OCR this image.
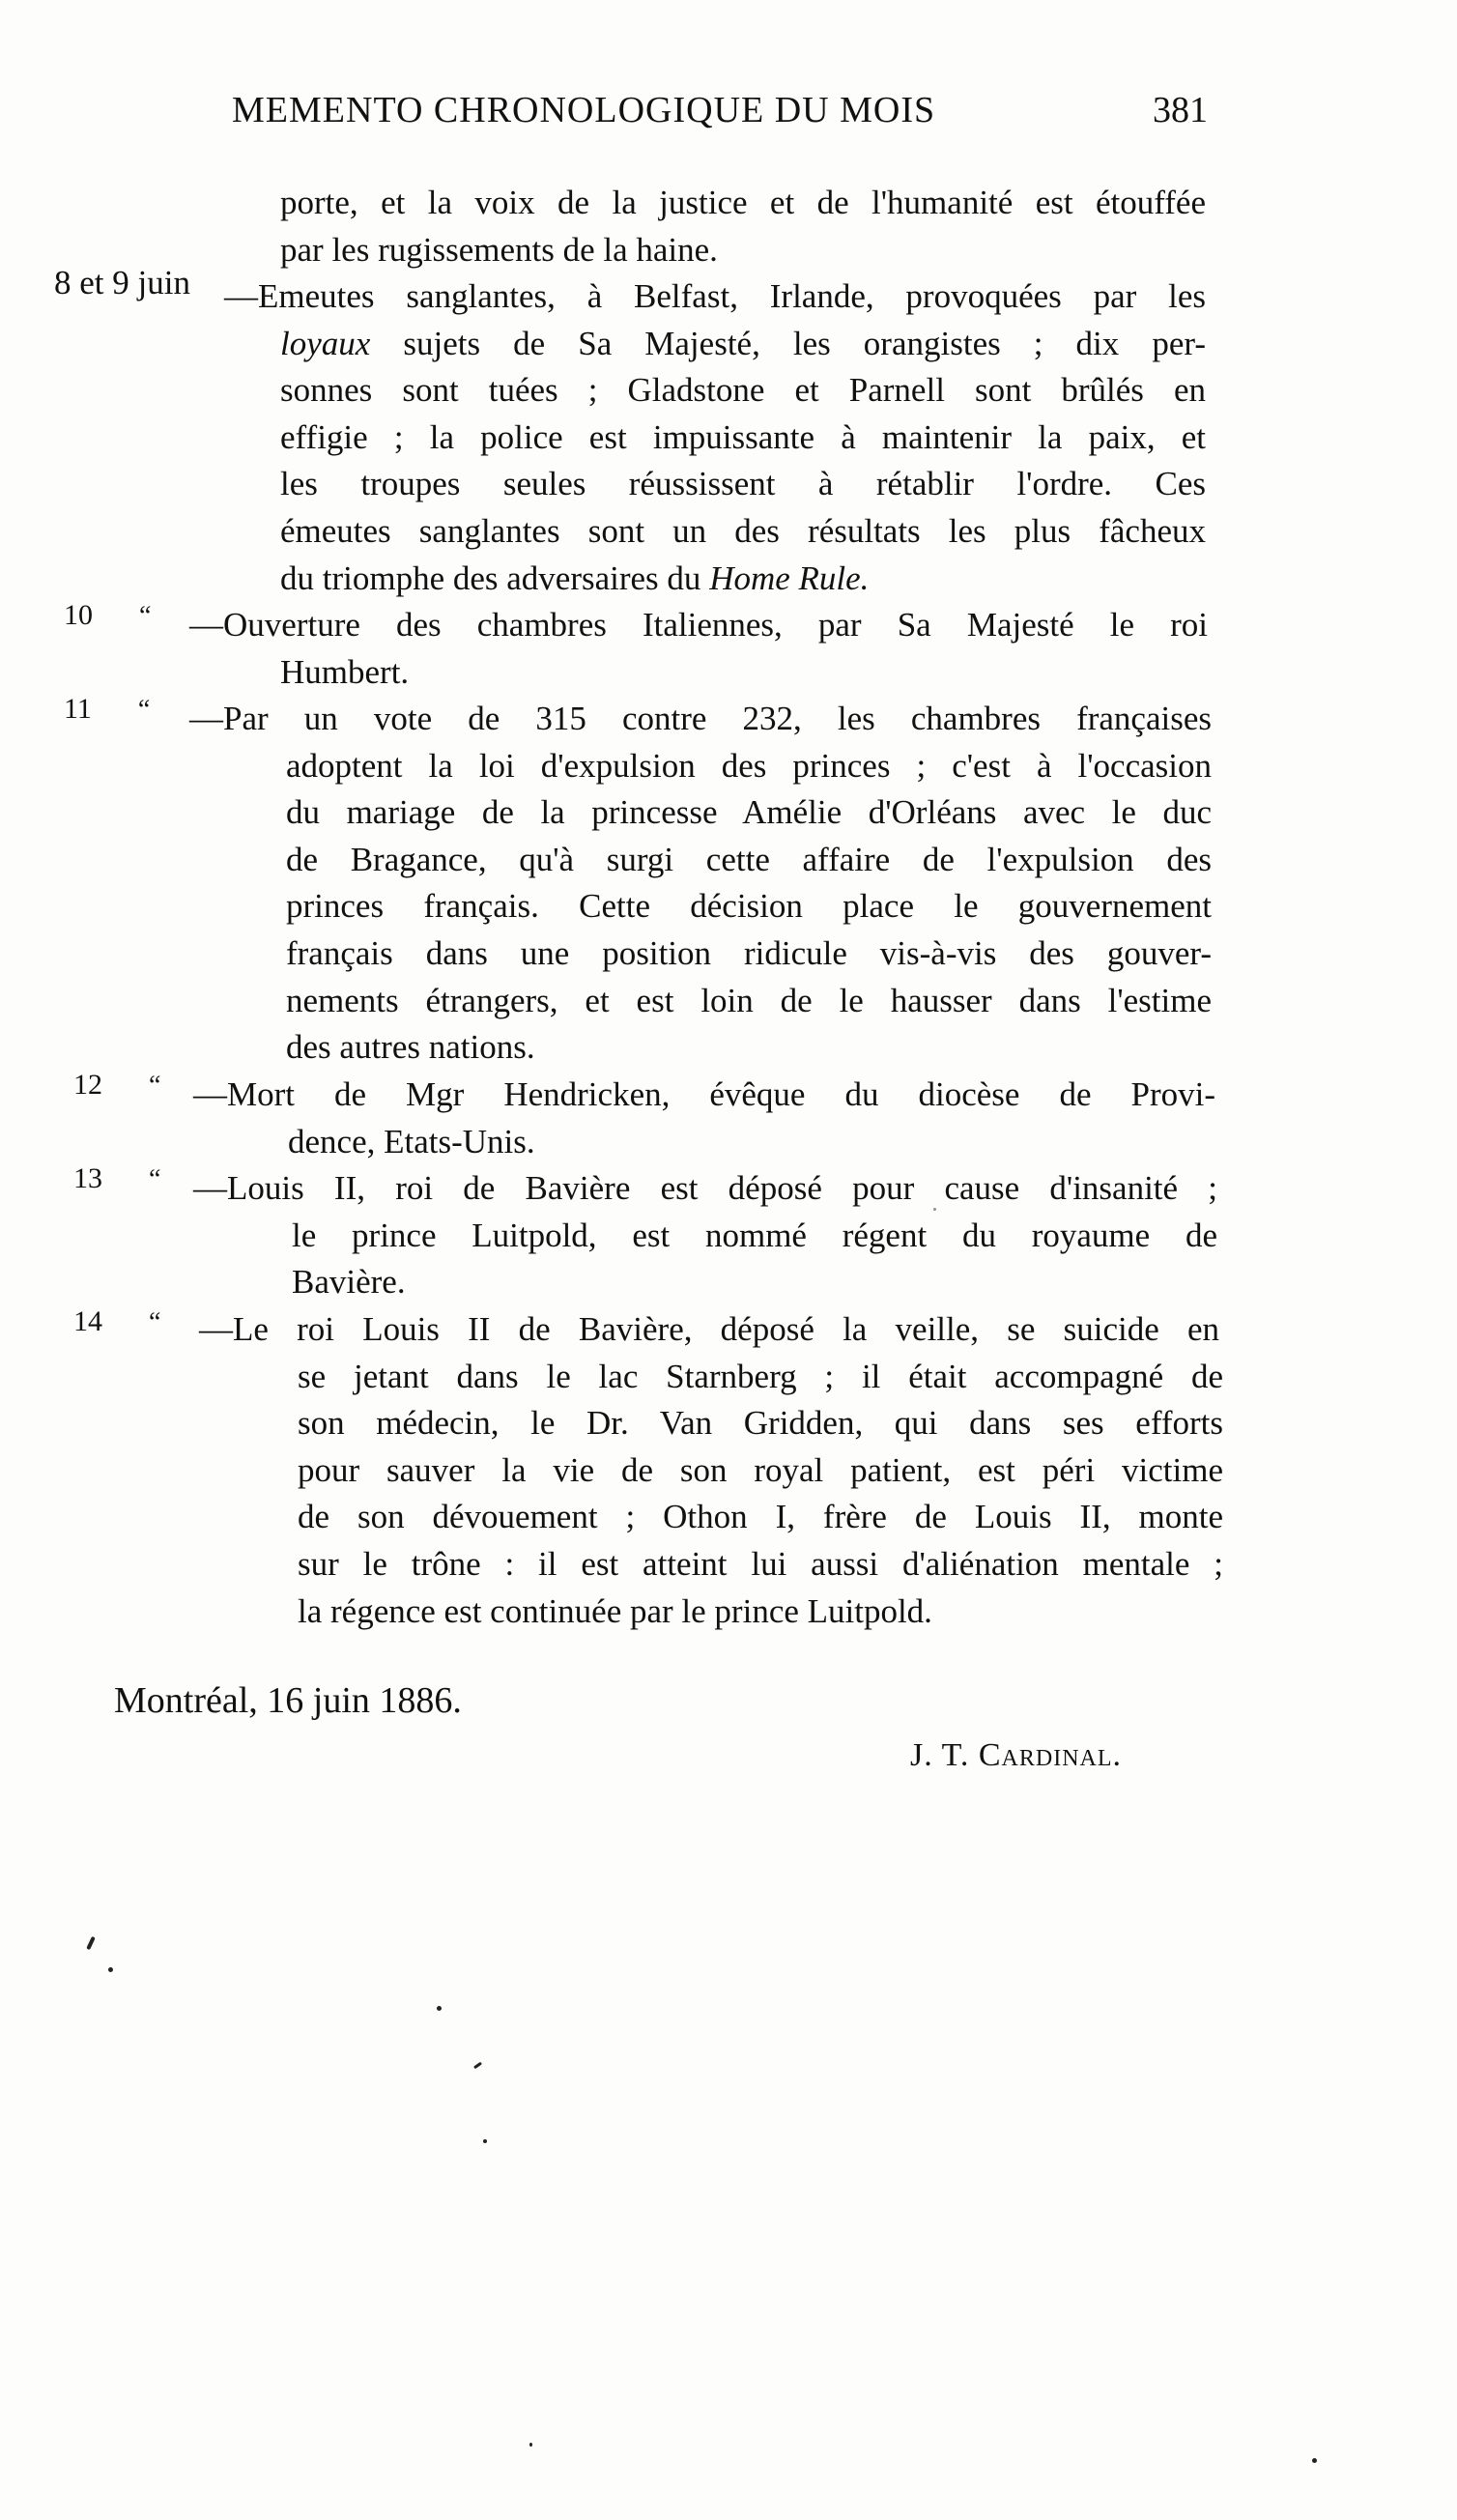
MEMENTO CHRONOLOGIQUE DU MOIS	381
porte, et la voix de la justice et de l'humanité est étouffée
par les rugissements de la haine.
8 et 9 juin —Emeutes sanglantes, à Belfast, Irlande, provoquées par les
loyaux sujets de Sa Majesté, les orangistes ; dix per-
sonnes sont tuées ; Gladstone et Parnell sont brûlés en
effigie ; la police est impuissante à maintenir la paix, et
les troupes seules réussissent à rétablir l'ordre. Ces
émeutes sanglantes sont un des résultats les plus fâcheux
du triomphe des adversaires du Home Rule.
10 “ —Ouverture des chambres Italiennes, par Sa Majesté le roi
Humbert.
11 “ —Par un vote de 315 contre 232, les chambres françaises
adoptent la loi d'expulsion des princes ; c'est à l'occasion
du mariage de la princesse Amélie d'Orléans avec le duc
de Bragance, qu'à surgi cette affaire de l'expulsion des
princes français. Cette décision place le gouvernement
français dans une position ridicule vis-à-vis des gouver-
nements étrangers, et est loin de le hausser dans l'estime
des autres nations.
12 “ —Mort de Mgr Hendricken, évêque du diocèse de Provi-
dence, Etats-Unis.
13 “ —Louis II, roi de Bavière est déposé pour cause d'insanité ;
le prince Luitpold, est nommé régent du royaume de
Bavière.
14 “ —Le roi Louis II de Bavière, déposé la veille, se suicide en
se jetant dans le lac Starnberg ; il était accompagné de
son médecin, le Dr. Van Gridden, qui dans ses efforts
pour sauver la vie de son royal patient, est péri victime
de son dévouement ; Othon I, frère de Louis II, monte
sur le trône : il est atteint lui aussi d'aliénation mentale ;
la régence est continuée par le prince Luitpold.
Montréal, 16 juin 1886.
J. T. Cardinal.
